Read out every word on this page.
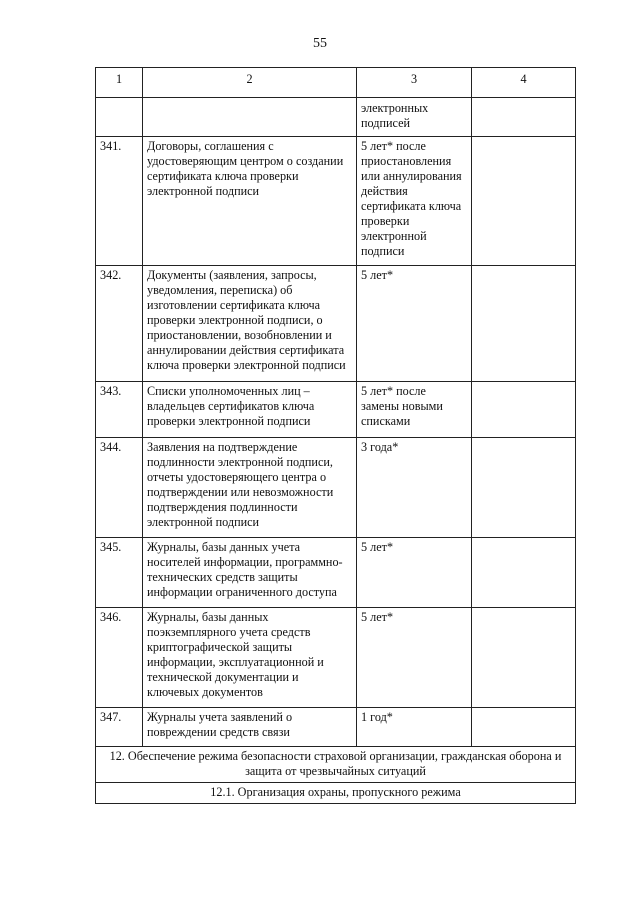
55
1	2	3	4
		электронных подписей	
341.	Договоры, соглашения с удостоверяющим центром о создании сертификата ключа проверки электронной подписи	5 лет* после приостановления или аннулирования действия сертификата ключа проверки электронной подписи	
342.	Документы (заявления, запросы, уведомления, переписка) об изготовлении сертификата ключа проверки электронной подписи, о приостановлении, возобновлении и аннулировании действия сертификата ключа проверки электронной подписи	5 лет*	
343.	Списки уполномоченных лиц – владельцев сертификатов ключа проверки электронной подписи	5 лет* после замены новыми списками	
344.	Заявления на подтверждение подлинности электронной подписи, отчеты удостоверяющего центра о подтверждении или невозможности подтверждения подлинности электронной подписи	3 года*	
345.	Журналы, базы данных учета носителей информации, программно-технических средств защиты информации ограниченного доступа	5 лет*	
346.	Журналы, базы данных поэкземплярного учета средств криптографической защиты информации, эксплуатационной и технической документации и ключевых документов	5 лет*	
347.	Журналы учета заявлений о повреждении средств связи	1 год*	
12. Обеспечение режима безопасности страховой организации, гражданская оборона и защита от чрезвычайных ситуаций			
12.1. Организация охраны, пропускного режима			
